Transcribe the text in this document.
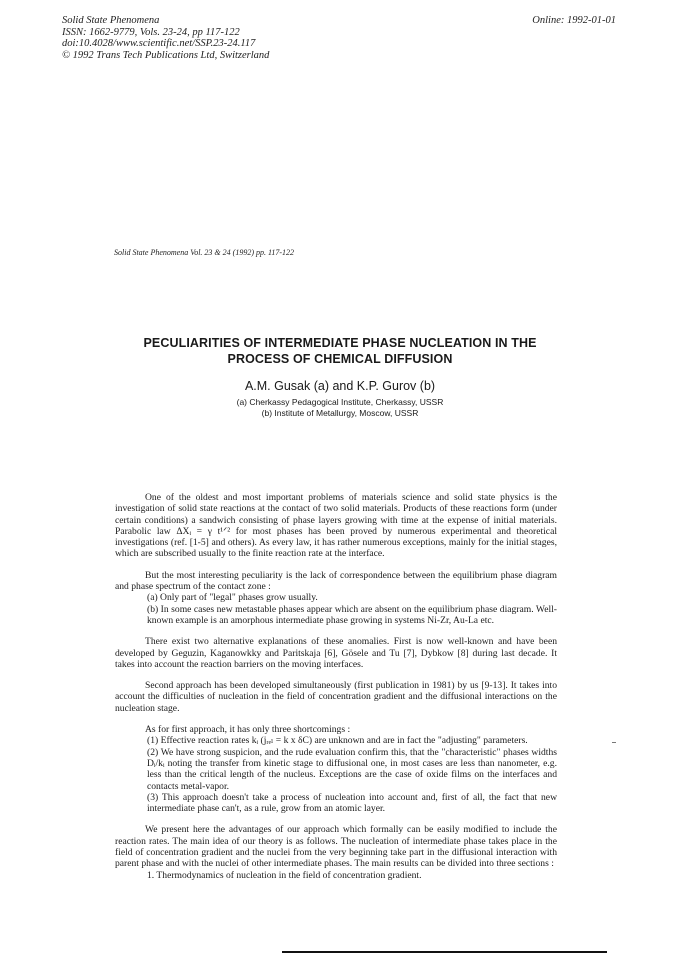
Solid State Phenomena
ISSN: 1662-9779, Vols. 23-24, pp 117-122
doi:10.4028/www.scientific.net/SSP.23-24.117
© 1992 Trans Tech Publications Ltd, Switzerland
Online: 1992-01-01
Solid State Phenomena Vol. 23 & 24 (1992) pp. 117-122
PECULIARITIES OF INTERMEDIATE PHASE NUCLEATION IN THE
PROCESS OF CHEMICAL DIFFUSION
A.M. Gusak (a) and K.P. Gurov (b)
(a) Cherkassy Pedagogical Institute, Cherkassy, USSR
(b) Institute of Metallurgy, Moscow, USSR

One of the oldest and most important problems of materials science and solid state physics is the investigation of solid state reactions at the contact of two solid materials. Products of these reactions form (under certain conditions) a sandwich consisting of phase layers growing with time at the expense of initial materials. Parabolic law ΔXᵢ = γ t¹ᐟ² for most phases has been proved by numerous experimental and theoretical investigations (ref. [1-5] and others). As every law, it has rather numerous exceptions, mainly for the initial stages, which are subscribed usually to the finite reaction rate at the interface.

But the most interesting peculiarity is the lack of correspondence between the equilibrium phase diagram and phase spectrum of the contact zone :

(a) Only part of "legal" phases grow usually.
(b) In some cases new metastable phases appear which are absent on the equilibrium phase diagram. Well-known example is an amorphous intermediate phase growing in systems Ni-Zr, Au-La etc.

There exist two alternative explanations of these anomalies. First is now well-known and have been developed by Geguzin, Kaganowkky and Paritskaja [6], Gösele and Tu [7], Dybkow [8] during last decade. It takes into account the reaction barriers on the moving interfaces.

Second approach has been developed simultaneously (first publication in 1981) by us [9-13]. It takes into account the difficulties of nucleation in the field of concentration gradient and the diffusional interactions on the nucleation stage.

As for first approach, it has only three shortcomings :

(1) Effective reaction rates kᵢ (jᵣₑₗ = k x δC) are unknown and are in fact the "adjusting" parameters.
(2) We have strong suspicion, and the rude evaluation confirm this, that the "characteristic" phases widths Dᵢ/kᵢ noting the transfer from kinetic stage to diffusional one, in most cases are less than nanometer, e.g. less than the critical length of the nucleus. Exceptions are the case of oxide films on the interfaces and contacts metal-vapor.
(3) This approach doesn't take a process of nucleation into account and, first of all, the fact that new intermediate phase can't, as a rule, grow from an atomic layer.

We present here the advantages of our approach which formally can be easily modified to include the reaction rates. The main idea of our theory is as follows. The nucleation of intermediate phase takes place in the field of concentration gradient and the nuclei from the very beginning take part in the diffusional interaction with parent phase and with the nuclei of other intermediate phases. The main results can be divided into three sections :

1. Thermodynamics of nucleation in the field of concentration gradient.
